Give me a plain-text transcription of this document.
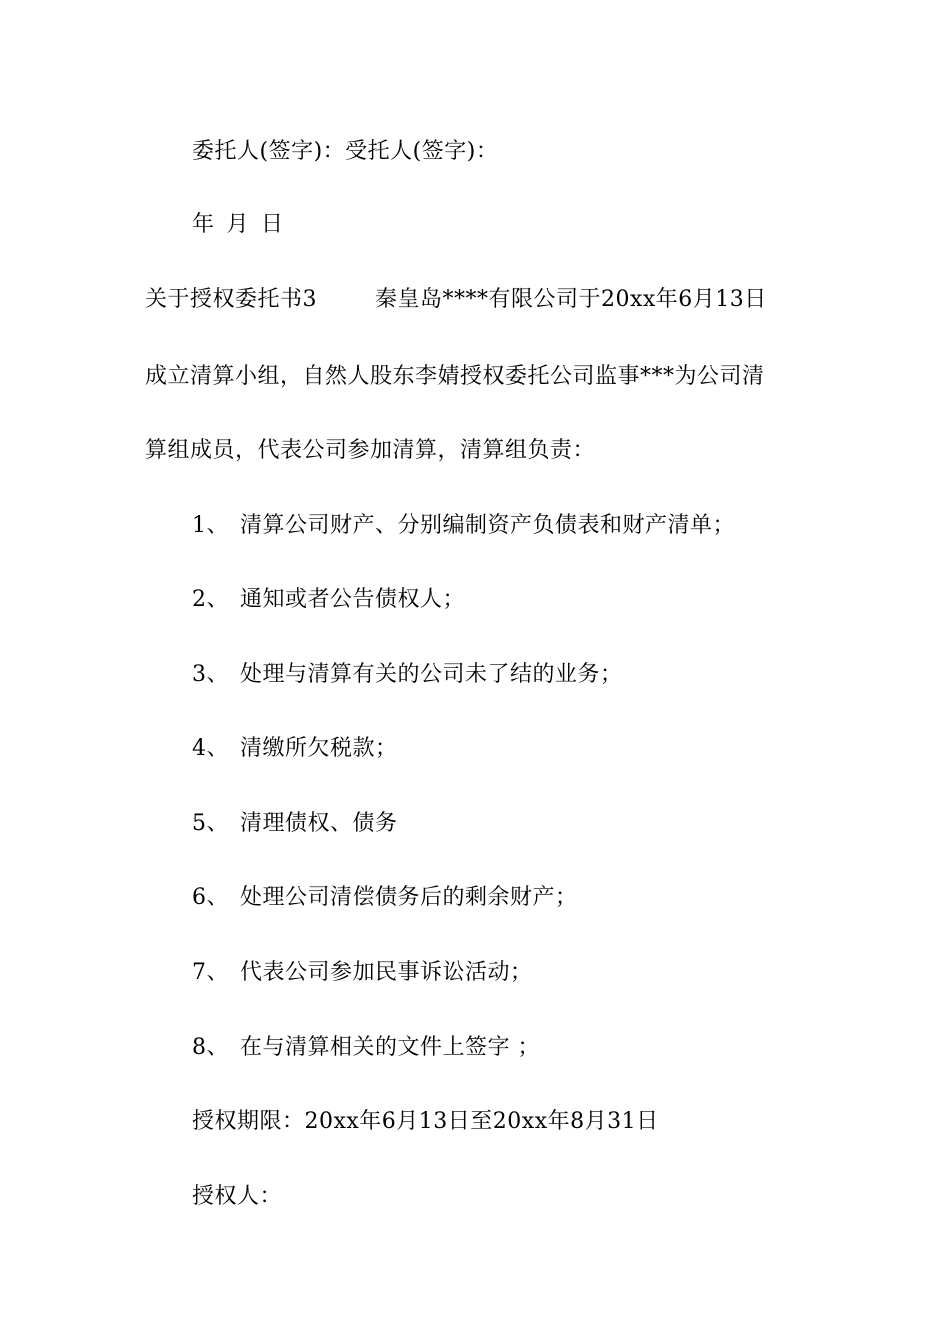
委托人(签字)：受托人(签字)：
年 月 日
关于授权委托书3	秦皇岛****有限公司于20xx年6月13日
成立清算小组，自然人股东李婧授权委托公司监事***为公司清
算组成员，代表公司参加清算，清算组负责：
1、 清算公司财产、分别编制资产负债表和财产清单；
2、 通知或者公告债权人；
3、 处理与清算有关的公司未了结的业务；
4、 清缴所欠税款；
5、 清理债权、债务
6、 处理公司清偿债务后的剩余财产；
7、 代表公司参加民事诉讼活动；
8、 在与清算相关的文件上签字 ；
授权期限：20xx年6月13日至20xx年8月31日
授权人：
